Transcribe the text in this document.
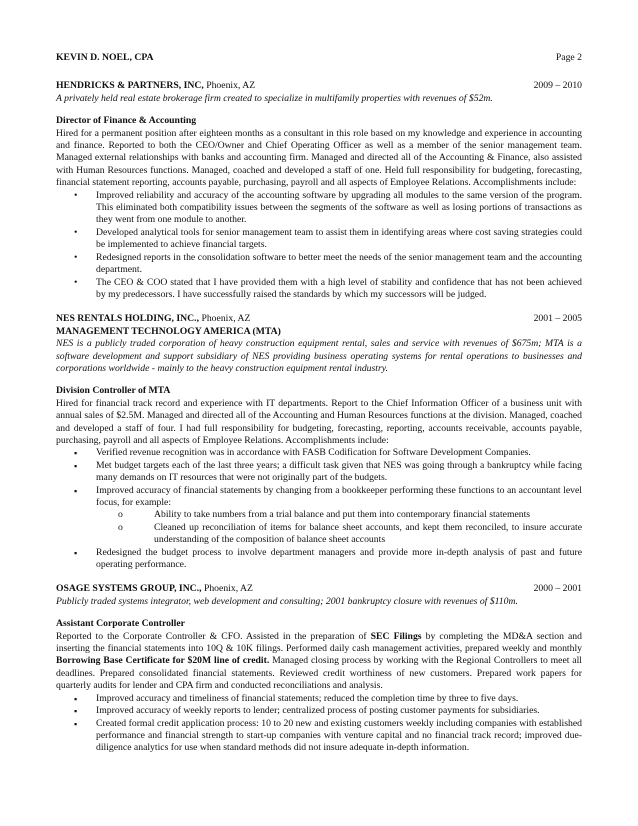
KEVIN D. NOEL, CPA	Page 2
HENDRICKS & PARTNERS, INC, Phoenix, AZ	2009 – 2010
A privately held real estate brokerage firm created to specialize in multifamily properties with revenues of $52m.
Director of Finance & Accounting
Hired for a permanent position after eighteen months as a consultant in this role based on my knowledge and experience in accounting and finance. Reported to both the CEO/Owner and Chief Operating Officer as well as a member of the senior management team. Managed external relationships with banks and accounting firm. Managed and directed all of the Accounting & Finance, also assisted with Human Resources functions. Managed, coached and developed a staff of one. Held full responsibility for budgeting, forecasting, financial statement reporting, accounts payable, purchasing, payroll and all aspects of Employee Relations. Accomplishments include:
• Improved reliability and accuracy of the accounting software by upgrading all modules to the same version of the program. This eliminated both compatibility issues between the segments of the software as well as losing portions of transactions as they went from one module to another.
• Developed analytical tools for senior management team to assist them in identifying areas where cost saving strategies could be implemented to achieve financial targets.
• Redesigned reports in the consolidation software to better meet the needs of the senior management team and the accounting department.
• The CEO & COO stated that I have provided them with a high level of stability and confidence that has not been achieved by my predecessors. I have successfully raised the standards by which my successors will be judged.
NES RENTALS HOLDING, INC., Phoenix, AZ	2001 – 2005
MANAGEMENT TECHNOLOGY AMERICA (MTA)
NES is a publicly traded corporation of heavy construction equipment rental, sales and service with revenues of $675m; MTA is a software development and support subsidiary of NES providing business operating systems for rental operations to businesses and corporations worldwide - mainly to the heavy construction equipment rental industry.
Division Controller of MTA
Hired for financial track record and experience with IT departments. Report to the Chief Information Officer of a business unit with annual sales of $2.5M. Managed and directed all of the Accounting and Human Resources functions at the division. Managed, coached and developed a staff of four. I had full responsibility for budgeting, forecasting, reporting, accounts receivable, accounts payable, purchasing, payroll and all aspects of Employee Relations. Accomplishments include:
▪ Verified revenue recognition was in accordance with FASB Codification for Software Development Companies.
▪ Met budget targets each of the last three years; a difficult task given that NES was going through a bankruptcy while facing many demands on IT resources that were not originally part of the budgets.
▪ Improved accuracy of financial statements by changing from a bookkeeper performing these functions to an accountant level focus, for example:
o Ability to take numbers from a trial balance and put them into contemporary financial statements
o Cleaned up reconciliation of items for balance sheet accounts, and kept them reconciled, to insure accurate understanding of the composition of balance sheet accounts
▪ Redesigned the budget process to involve department managers and provide more in-depth analysis of past and future operating performance.
OSAGE SYSTEMS GROUP, INC., Phoenix, AZ	2000 – 2001
Publicly traded systems integrator, web development and consulting; 2001 bankruptcy closure with revenues of $110m.
Assistant Corporate Controller
Reported to the Corporate Controller & CFO. Assisted in the preparation of SEC Filings by completing the MD&A section and inserting the financial statements into 10Q & 10K filings. Performed daily cash management activities, prepared weekly and monthly Borrowing Base Certificate for $20M line of credit. Managed closing process by working with the Regional Controllers to meet all deadlines. Prepared consolidated financial statements. Reviewed credit worthiness of new customers. Prepared work papers for quarterly audits for lender and CPA firm and conducted reconciliations and analysis.
▪ Improved accuracy and timeliness of financial statements; reduced the completion time by three to five days.
▪ Improved accuracy of weekly reports to lender; centralized process of posting customer payments for subsidiaries.
▪ Created formal credit application process: 10 to 20 new and existing customers weekly including companies with established performance and financial strength to start-up companies with venture capital and no financial track record; improved due-diligence analytics for use when standard methods did not insure adequate in-depth information.
